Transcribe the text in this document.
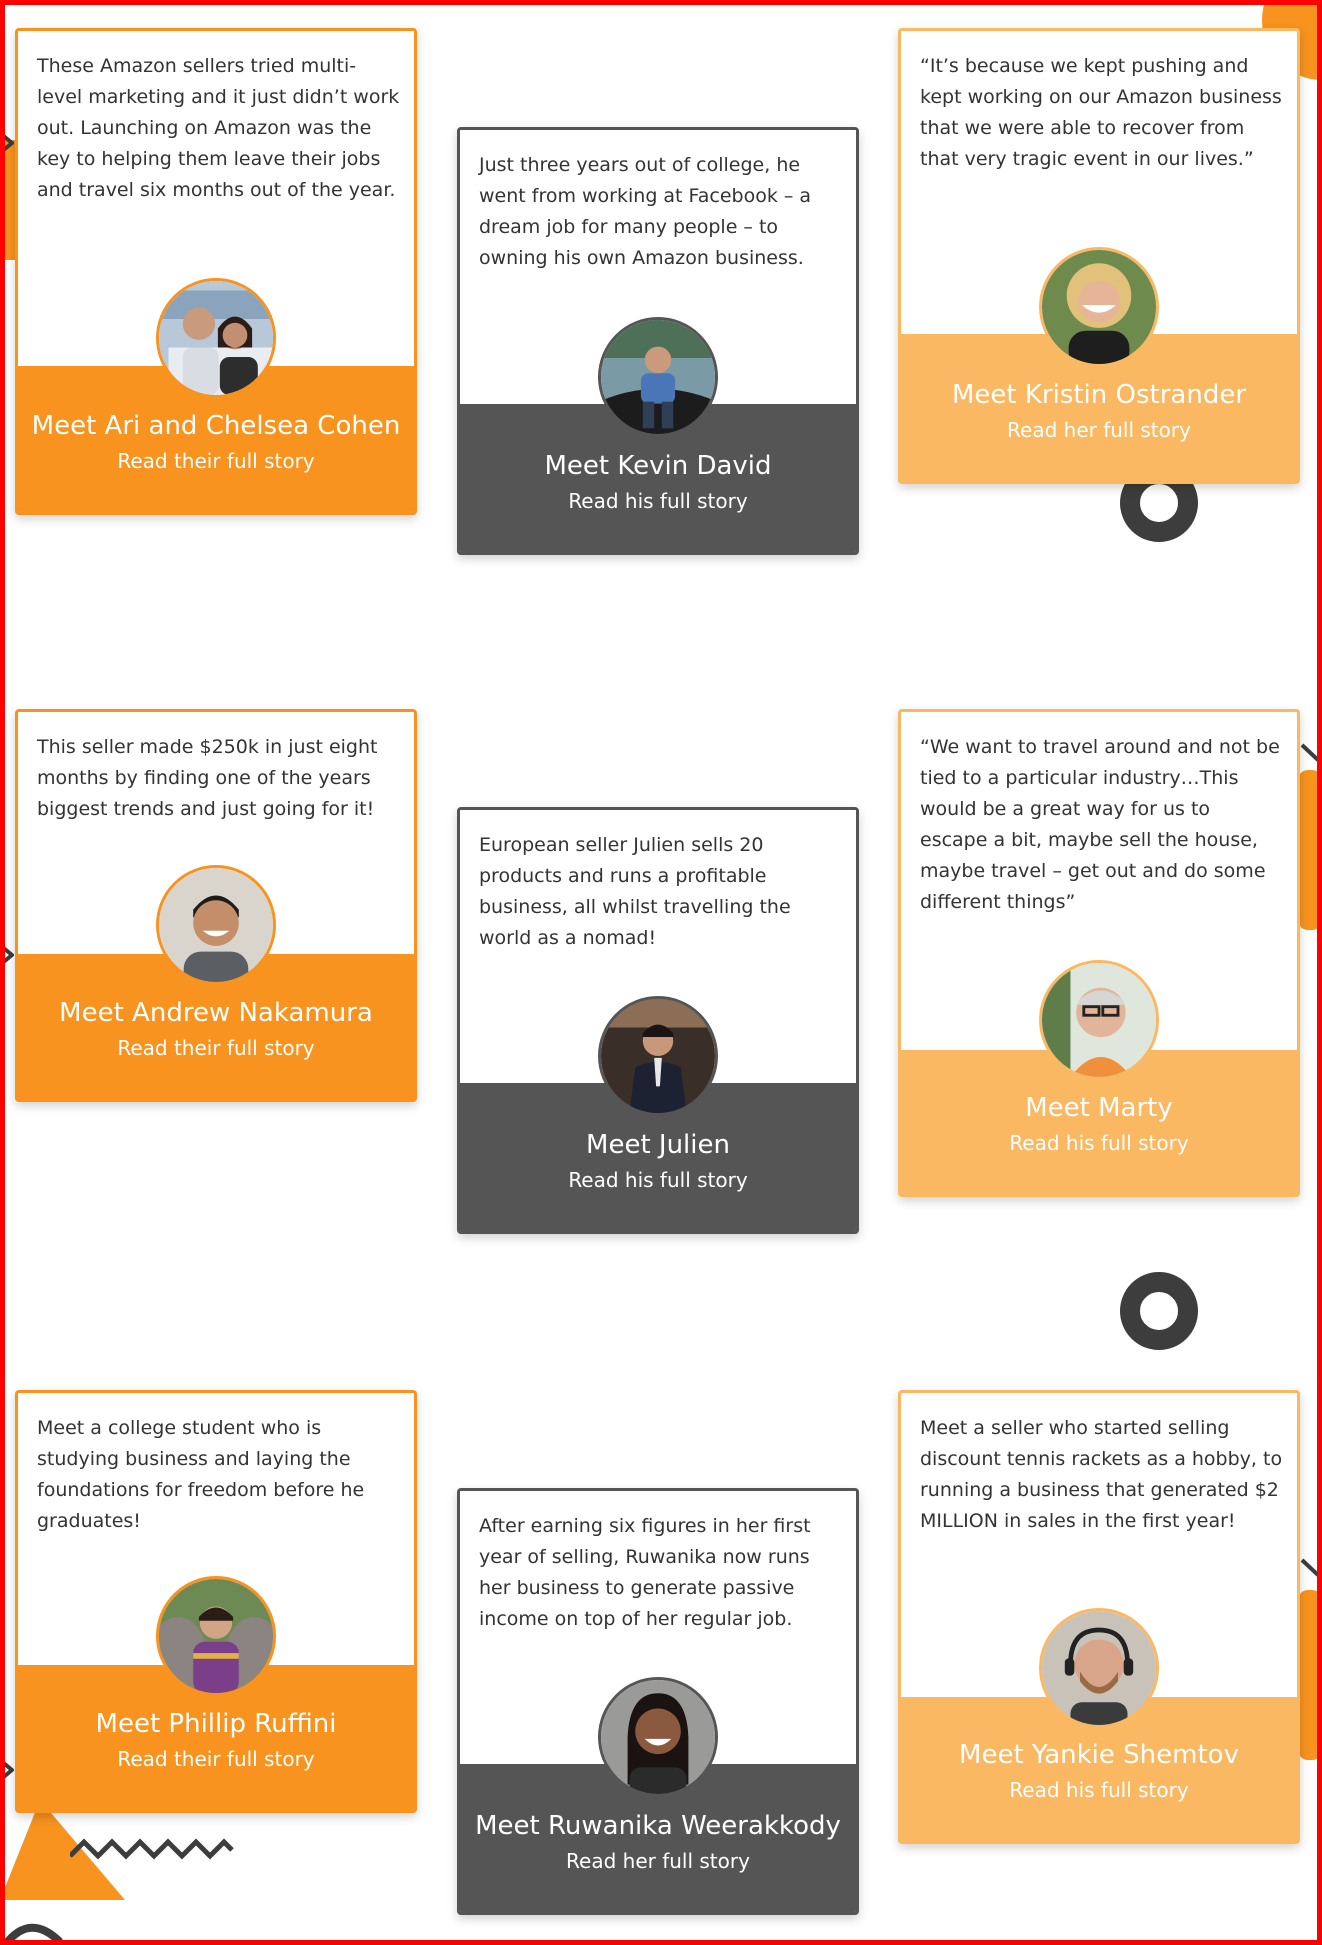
These Amazon sellers tried multi-level marketing and it just didn’t work out. Launching on Amazon was the key to helping them leave their jobs and travel six months out of the year.
Meet Ari and Chelsea Cohen
Read their full story
Just three years out of college, he went from working at Facebook – a dream job for many people – to owning his own Amazon business.
Meet Kevin David
Read his full story
“It’s because we kept pushing and kept working on our Amazon business that we were able to recover from that very tragic event in our lives.”
Meet Kristin Ostrander
Read her full story
This seller made $250k in just eight months by finding one of the years biggest trends and just going for it!
Meet Andrew Nakamura
Read their full story
European seller Julien sells 20 products and runs a profitable business, all whilst travelling the world as a nomad!
Meet Julien
Read his full story
“We want to travel around and not be tied to a particular industry…This would be a great way for us to escape a bit, maybe sell the house, maybe travel – get out and do some different things”
Meet Marty
Read his full story
Meet a college student who is studying business and laying the foundations for freedom before he graduates!
Meet Phillip Ruffini
Read their full story
After earning six figures in her first year of selling, Ruwanika now runs her business to generate passive income on top of her regular job.
Meet Ruwanika Weerakkody
Read her full story
Meet a seller who started selling discount tennis rackets as a hobby, to running a business that generated $2 MILLION in sales in the first year!
Meet Yankie Shemtov
Read his full story
